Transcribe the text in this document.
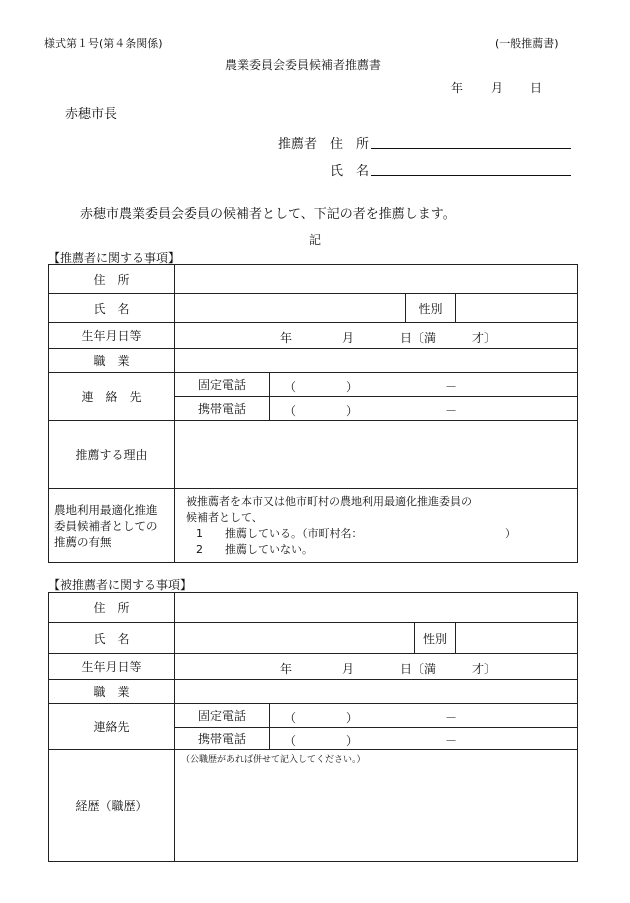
様式第１号(第４条関係)	(一般推薦書)
農業委員会委員候補者推薦書
年 月 日
赤穂市長
推薦者 住　所
氏　名
赤穂市農業委員会委員の候補者として、下記の者を推薦します。
記
【推薦者に関する事項】
住　所				
氏　名			性別	
生年月日等	年 月 日〔満 才〕			

職　業				
連　絡　先	固定電話	（ ） －		

	携帯電話	（ ） －		

推薦する理由				
農地利用最適化推進委員候補者としての推薦の有無	被推薦者を本市又は他市町村の農地利用最適化推進委員の
候補者として、
1　　推薦している。（市町村名： ）
2　　推薦していない。			
【被推薦者に関する事項】
住　所				
氏　名			性別	
生年月日等	年 月 日〔満 才〕			

職　業				
連絡先	固定電話	（ ） －		

	携帯電話	（ ） －		

経歴（職歴）	（公職歴があれば併せて記入してください。）			
